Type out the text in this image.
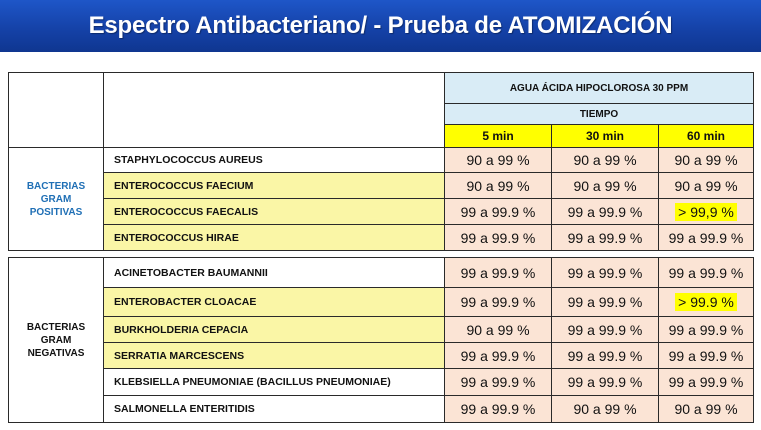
Espectro Antibacteriano/ - Prueba de ATOMIZACIÓN
		AGUA ÁCIDA HIPOCLOROSA 30 PPM		
		TIEMPO		
		5 min	30 min	60 min
BACTERIAS
GRAM
POSITIVAS	STAPHYLOCOCCUS AUREUS	90 a 99 %	90 a 99 %	90 a 99 %
	ENTEROCOCCUS FAECIUM	90 a 99 %	90 a 99 %	90 a 99 %
	ENTEROCOCCUS FAECALIS	99 a 99.9 %	99 a 99.9 %	> 99,9 %
	ENTEROCOCCUS HIRAE	99 a 99.9 %	99 a 99.9 %	99 a 99.9 %
BACTERIAS
GRAM
NEGATIVAS	ACINETOBACTER BAUMANNII	99 a 99.9 %	99 a 99.9 %	99 a 99.9 %
	ENTEROBACTER CLOACAE	99 a 99.9 %	99 a 99.9 %	> 99.9 %
	BURKHOLDERIA CEPACIA	90 a 99 %	99 a 99.9 %	99 a 99.9 %
	SERRATIA MARCESCENS	99 a 99.9 %	99 a 99.9 %	99 a 99.9 %
	KLEBSIELLA PNEUMONIAE (BACILLUS PNEUMONIAE)	99 a 99.9 %	99 a 99.9 %	99 a 99.9 %
	SALMONELLA ENTERITIDIS	99 a 99.9 %	90 a 99 %	90 a 99 %
